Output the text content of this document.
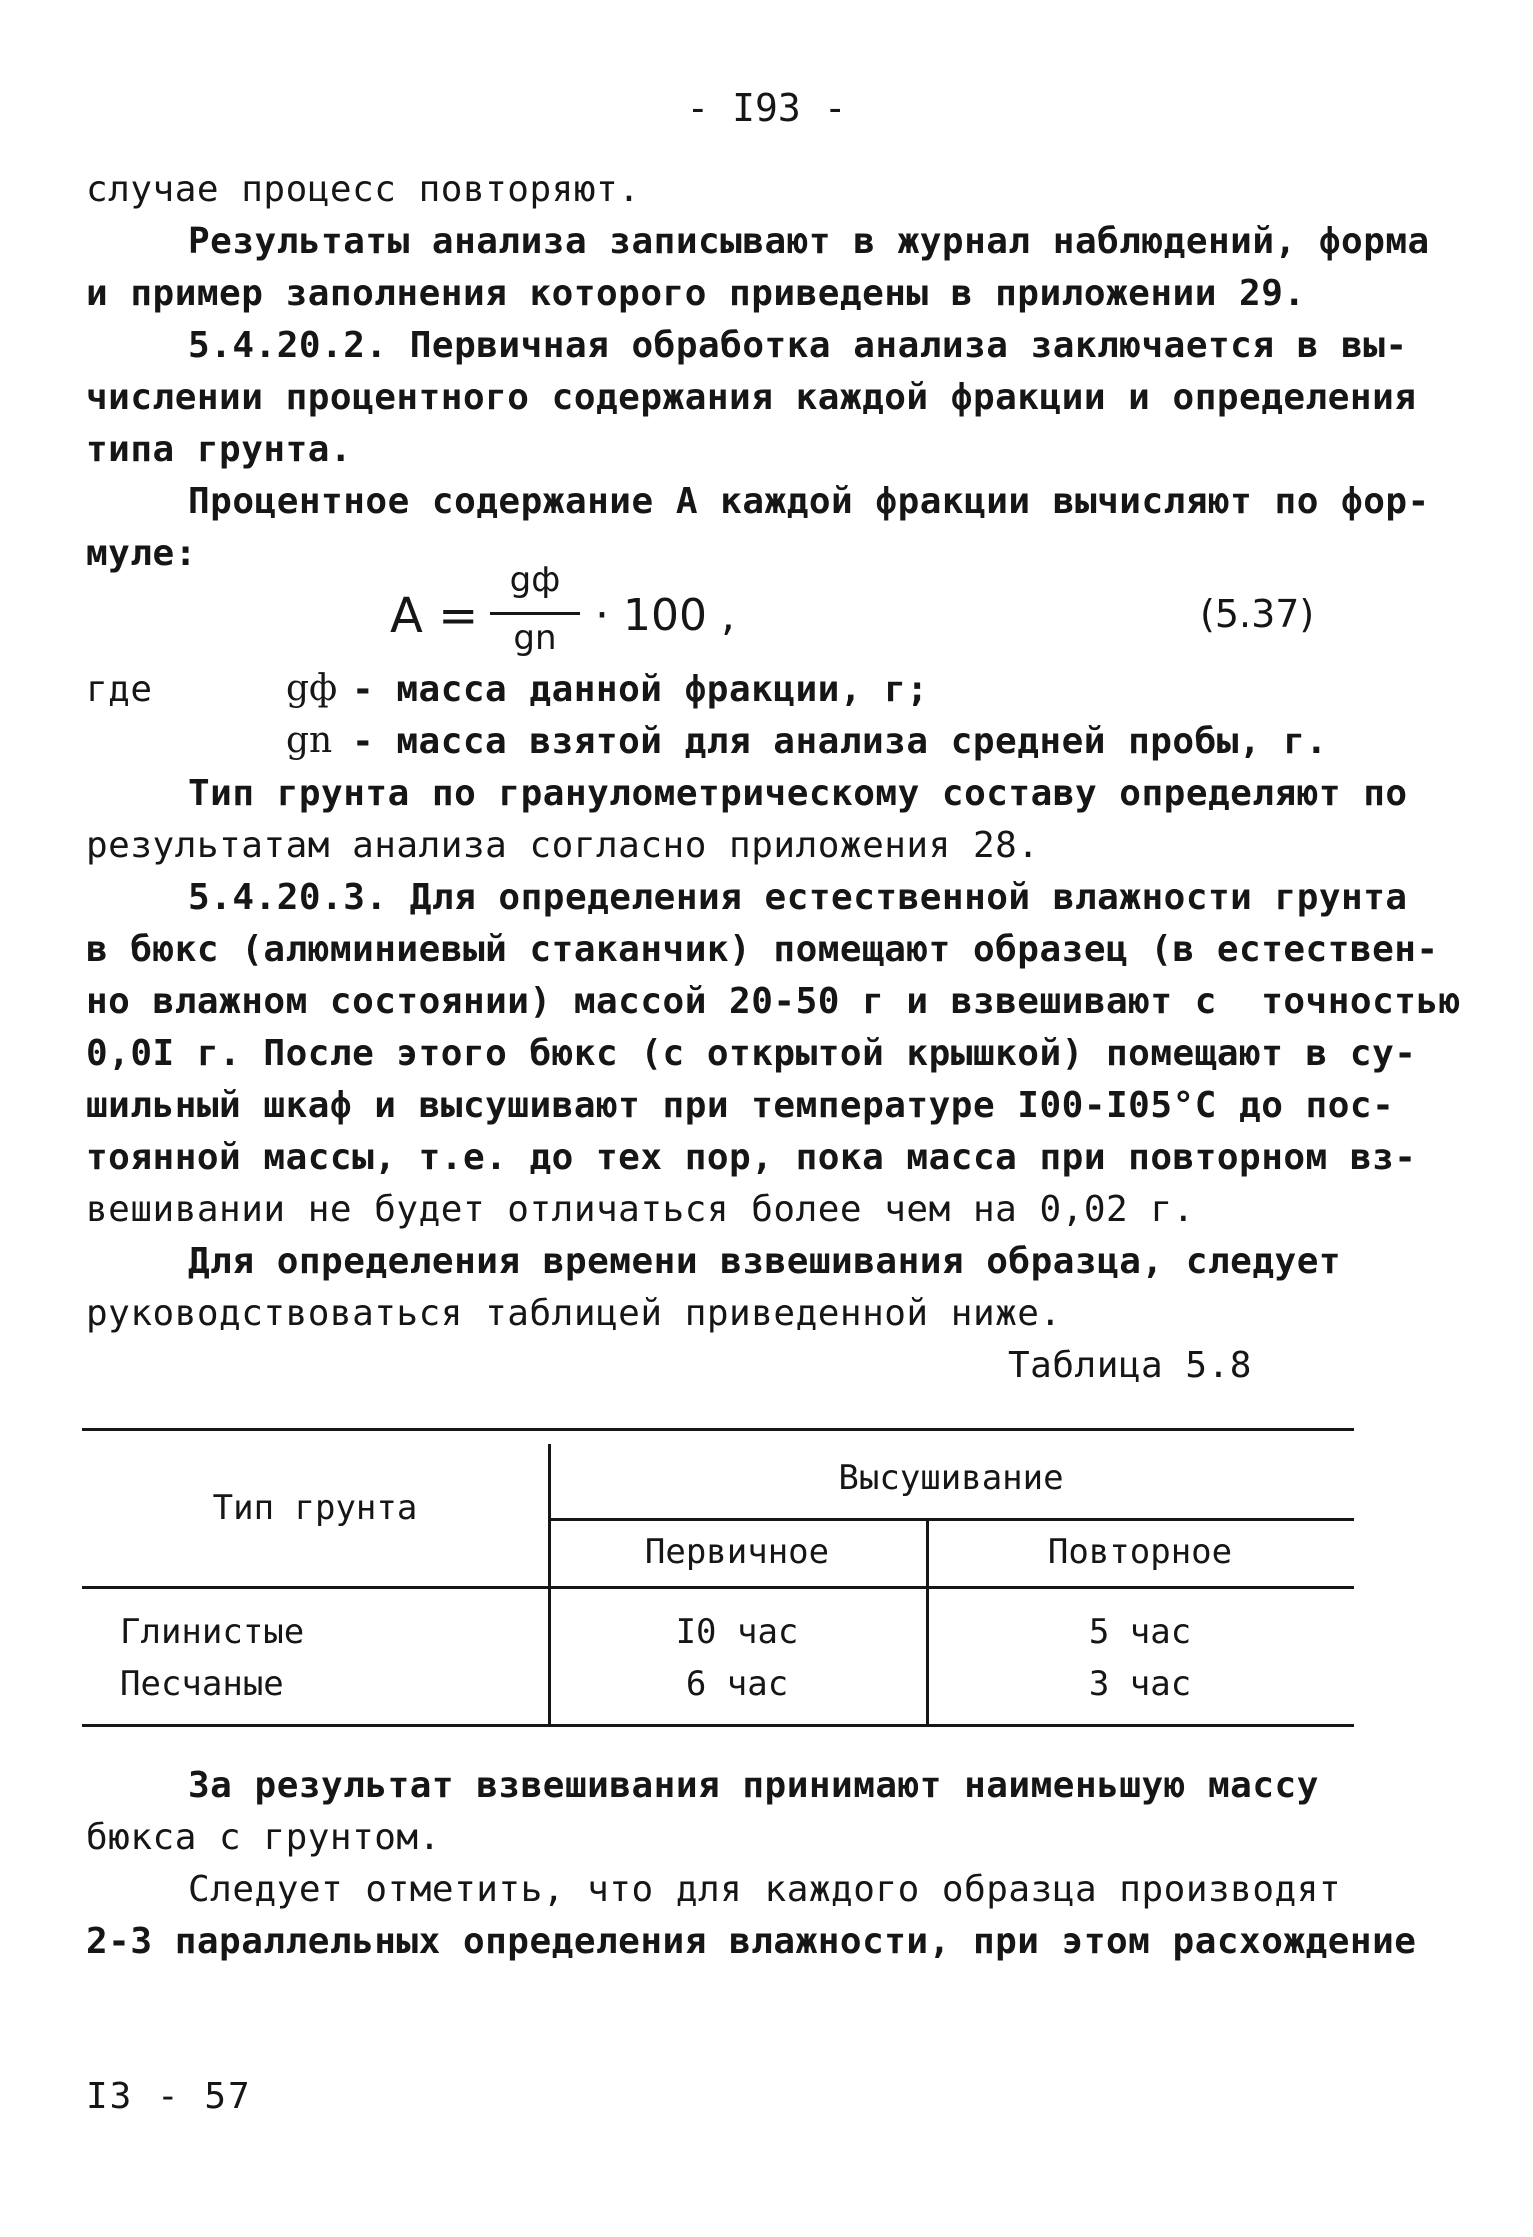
- I93 -
случае процесс повторяют.
Результаты анализа записывают в журнал наблюдений, форма
и пример заполнения которого приведены в приложении 29.
5.4.20.2. Первичная обработка анализа заключается в вы-
числении процентного содержания каждой фракции и определения
типа грунта.
Процентное содержание А каждой фракции вычисляют по фор-
муле:
А =
gф
gn · 100 ,	(5.37)
где	gф - масса данной фракции, г;
gn - масса взятой для анализа средней пробы, г.
Тип грунта по гранулометрическому составу определяют по
результатам анализа согласно приложения 28.
5.4.20.3. Для определения естественной влажности грунта
в бюкс (алюминиевый стаканчик) помещают образец (в естествен-
но влажном состоянии) массой 20-50 г и взвешивают с  точностью
0,0I г. После этого бюкс (с открытой крышкой) помещают в су-
шильный шкаф и высушивают при температуре I00-I05°С до пос-
тоянной массы, т.е. до тех пор, пока масса при повторном вз-
вешивании не будет отличаться более чем на 0,02 г.
Для определения времени взвешивания образца, следует
руководствоваться таблицей приведенной ниже.
Таблица 5.8
Тип грунта
Высушивание
Первичное	Повторное
Глинистые	I0 час	5 час
Песчаные	6 час	3 час
За результат взвешивания принимают наименьшую массу
бюкса с грунтом.
Следует отметить, что для каждого образца производят
2-3 параллельных определения влажности, при этом расхождение
I3 - 57
